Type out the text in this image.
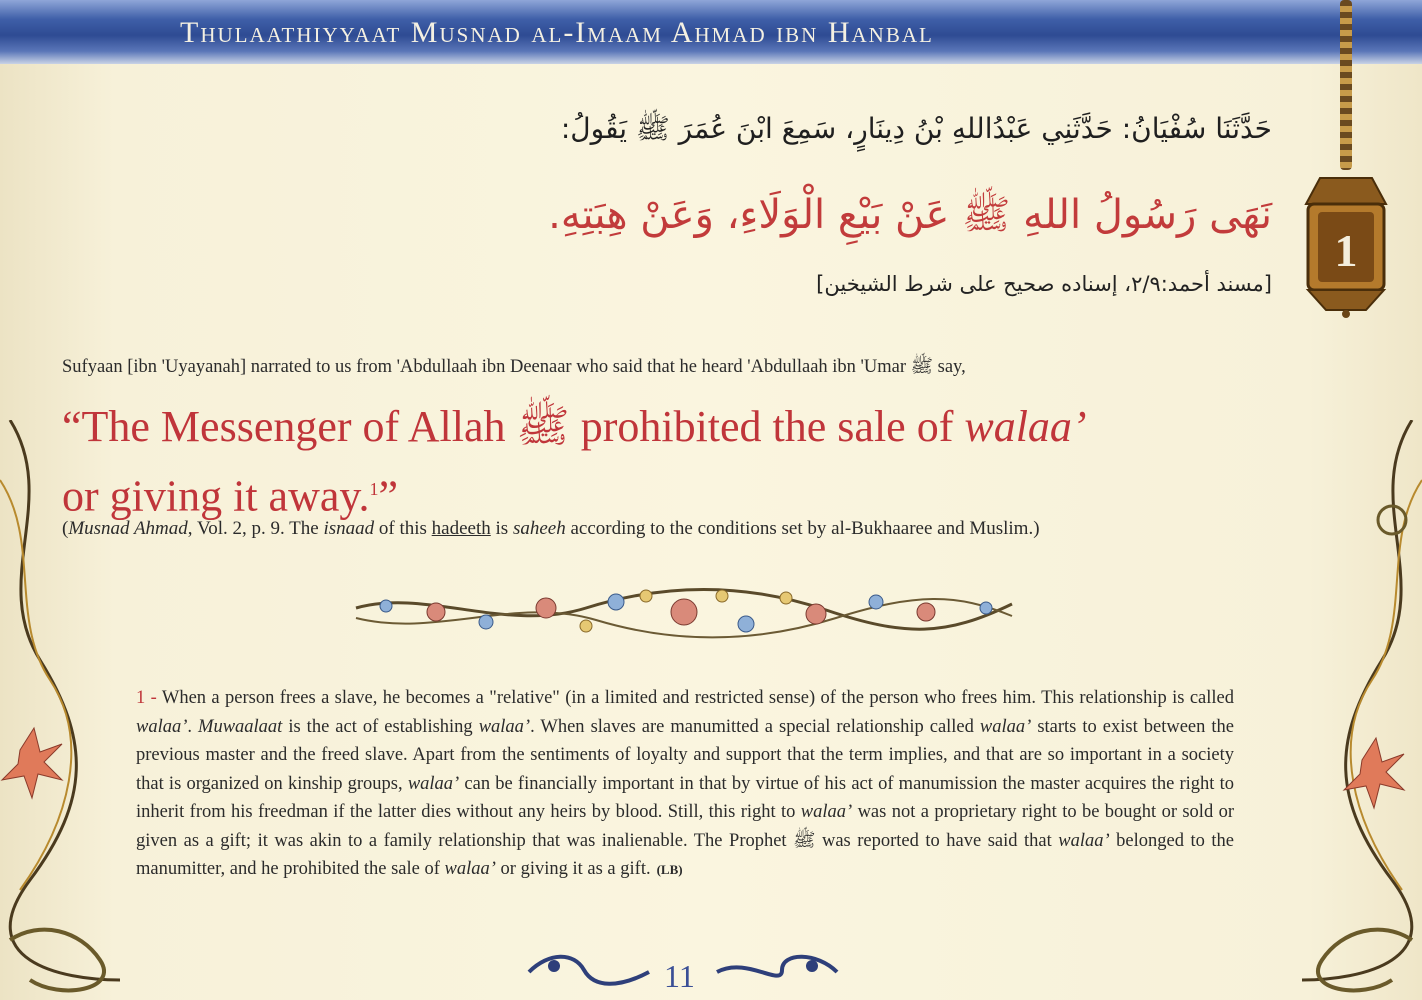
Thulaathiyyaat Musnad al-Imaam Ahmad ibn Hanbal
1
حَدَّثَنَا سُفْيَانُ: حَدَّثَنِي عَبْدُاللهِ بْنُ دِينَارٍ، سَمِعَ ابْنَ عُمَرَ ﷺ يَقُولُ:
نَهَى رَسُولُ اللهِ ﷺ عَنْ بَيْعِ الْوَلَاءِ، وَعَنْ هِبَتِهِ.
[مسند أحمد:٢/٩، إسناده صحيح على شرط الشيخين]
Sufyaan [ibn 'Uyayanah] narrated to us from 'Abdullaah ibn Deenaar who said that he heard 'Abdullaah ibn 'Umar ﷺ say,
“The Messenger of Allah ﷺ prohibited the sale of walaa’
or giving it away.$^1$”
(Musnad Ahmad, Vol. 2, p. 9. The isnaad of this hadeeth is saheeh according to the conditions set by al-Bukhaaree and Muslim.)
1 - When a person frees a slave, he becomes a "relative" (in a limited and restricted sense) of the person who frees him. This relationship is called walaa’. Muwaalaat is the act of establishing walaa’. When slaves are manumitted a special relationship called walaa’ starts to exist between the previous master and the freed slave. Apart from the sentiments of loyalty and support that the term implies, and that are so important in a society that is organized on kinship groups, walaa’ can be financially important in that by virtue of his act of manumission the master acquires the right to inherit from his freedman if the latter dies without any heirs by blood. Still, this right to walaa’ was not a proprietary right to be bought or sold or given as a gift; it was akin to a family relationship that was inalienable. The Prophet ﷺ was reported to have said that walaa’ belonged to the manumitter, and he prohibited the sale of walaa’ or giving it as a gift. (LB)
11
